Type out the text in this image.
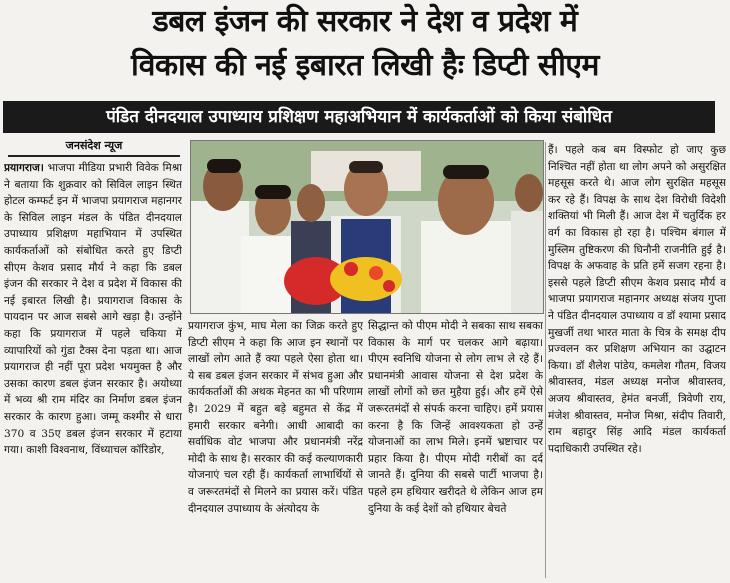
डबल इंजन की सरकार ने देश व प्रदेश में
विकास की नई इबारत लिखी हैः डिप्टी सीएम
पंडित दीनदयाल उपाध्याय प्रशिक्षण महाअभियान में कार्यकर्ताओं को किया संबोधित
जनसंदेश न्यूज

प्रयागराज। भाजपा मीडिया प्रभारी विवेक मिश्रा ने बताया कि शुक्रवार को सिविल लाइन स्थित होटल कम्फर्ट इन में भाजपा प्रयागराज महानगर के सिविल लाइन मंडल के पंडित दीनदयाल उपाध्याय प्रशिक्षण महाभियान में उपस्थित कार्यकर्ताओं को संबोधित करते हुए डिप्टी सीएम केशव प्रसाद मौर्य ने कहा कि डबल इंजन की सरकार ने देश व प्रदेश में विकास की नई इबारत लिखी है। प्रयागराज विकास के पायदान पर आज सबसे आगे खड़ा है। उन्होंने कहा कि प्रयागराज में पहले चकिया में व्यापारियों को गुंडा टैक्स देना पड़ता था। आज प्रयागराज ही नहीं पूरा प्रदेश भयमुक्त है और उसका कारण डबल इंजन सरकार है। अयोध्या में भव्य श्री राम मंदिर का निर्माण डबल इंजन सरकार के कारण हुआ। जम्मू कश्मीर से धारा 370 व 35ए डबल इंजन सरकार में हटाया गया। काशी विश्वनाथ, विंध्याचल कॉरिडोर,

प्रयागराज कुंभ, माघ मेला का जिक्र करते हुए डिप्टी सीएम ने कहा कि आज इन स्थानों पर लाखों लोग आते हैं क्या पहले ऐसा होता था। ये सब डबल इंजन सरकार में संभव हुआ और कार्यकर्ताओं की अथक मेहनत का भी परिणाम है। 2029 में बहुत बड़े बहुमत से केंद्र में हमारी सरकार बनेगी। आधी आबादी का सर्वाधिक वोट भाजपा और प्रधानमंत्री नरेंद्र मोदी के साथ है। सरकार की कई कल्याणकारी योजनाएं चल रही हैं। कार्यकर्ता लाभार्थियों से व जरूरतमंदों से मिलने का प्रयास करें। पंडित दीनदयाल उपाध्याय के अंत्योदय के

सिद्धान्त को पीएम मोदी ने सबका साथ सबका विकास के मार्ग पर चलकर आगे बढ़ाया। पीएम स्वनिधि योजना से लोग लाभ ले रहे हैं। प्रधानमंत्री आवास योजना से देश प्रदेश के लाखों लोगों को छत मुहैया हुई। और हमें ऐसे जरूरतमंदों से संपर्क करना चाहिए। हमें प्रयास करना है कि जिन्हें आवश्यकता हो उन्हें योजनाओं का लाभ मिले। इनमें भ्रष्टाचार पर प्रहार किया है। पीएम मोदी गरीबों का दर्द जानते हैं। दुनिया की सबसे पार्टी भाजपा है। पहले हम हथियार खरीदते थे लेकिन आज हम दुनिया के कई देशों को हथियार बेचते

हैं। पहले कब बम विस्फोट हो जाए कुछ निश्चित नहीं होता था लोग अपने को असुरक्षित महसूस करते थे। आज लोग सुरक्षित महसूस कर रहे हैं। विपक्ष के साथ देश विरोधी विदेशी शक्तियां भी मिली हैं। आज देश में चतुर्दिक हर वर्ग का विकास हो रहा है। पश्चिम बंगाल में मुस्लिम तुष्टिकरण की घिनौनी राजनीति हुई है। विपक्ष के अफवाह के प्रति हमें सजग रहना है। इससे पहले डिप्टी सीएम केशव प्रसाद मौर्य व भाजपा प्रयागराज महानगर अध्यक्ष संजय गुप्ता ने पंडित दीनदयाल उपाध्याय व डॉ श्यामा प्रसाद मुखर्जी तथा भारत माता के चित्र के समक्ष दीप प्रज्वलन कर प्रशिक्षण अभियान का उद्घाटन किया। डॉ शैलेश पांडेय, कमलेश गौतम, विजय श्रीवास्तव, मंडल अध्यक्ष मनोज श्रीवास्तव, अजय श्रीवास्तव, हेमंत बनर्जी, त्रिवेणी राय, मंजेश श्रीवास्तव, मनोज मिश्रा, संदीप तिवारी, राम बहादुर सिंह आदि मंडल कार्यकर्ता पदाधिकारी उपस्थित रहे।
